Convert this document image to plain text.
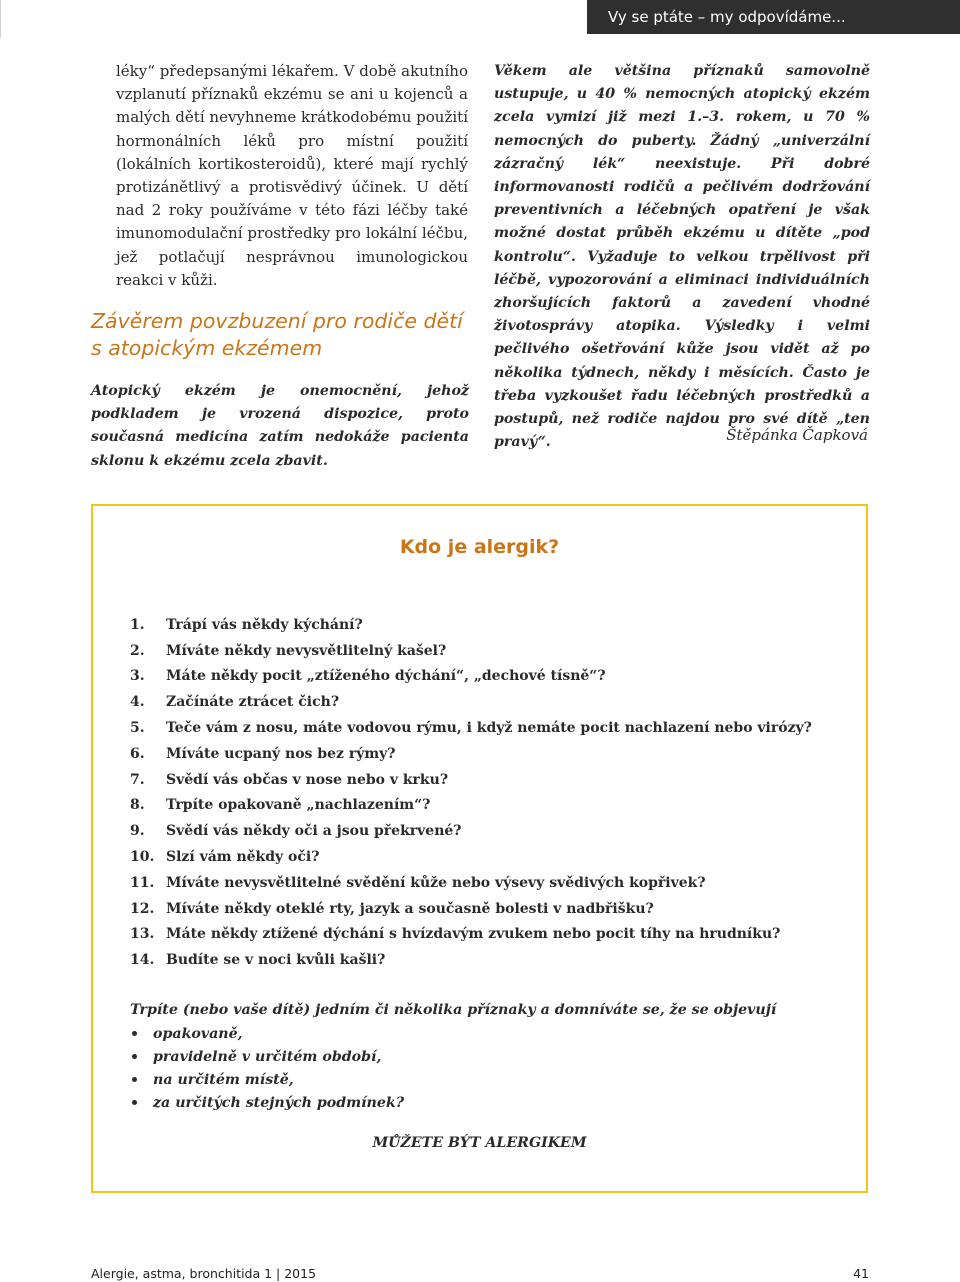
Vy se ptáte – my odpovídáme...

léky“ předepsanými lékařem. V době akutního vzplanutí příznaků ekzému se ani u kojenců a malých dětí nevyhneme krátkodobému použití hormonálních léků pro místní použití (lokálních kortikosteroidů), které mají rychlý protizánětlivý a protisvědivý účinek. U dětí nad 2 roky používáme v této fázi léčby také imunomodulační prostředky pro lokální léčbu, jež potlačují nesprávnou imunologickou reakci v kůži.

Závěrem povzbuzení pro rodiče dětí
s atopickým ekzémem

Atopický ekzém je onemocnění, jehož podkladem je vrozená dispozice, proto současná medicína zatím nedokáže pacienta sklonu k ekzému zcela zbavit.

Věkem ale většina příznaků samovolně ustupuje, u 40 % nemocných atopický ekzém zcela vymizí již mezi 1.–3. rokem, u 70 % nemocných do puberty. Žádný „univerzální zázračný lék“ neexistuje. Při dobré informovanosti rodičů a pečlivém dodržování preventivních a léčebných opatření je však možné dostat průběh ekzému u dítěte „pod kontrolu“. Vyžaduje to velkou trpělivost při léčbě, vypozorování a eliminaci individuálních zhoršujících faktorů a zavedení vhodné životosprávy atopika. Výsledky i velmi pečlivého ošetřování kůže jsou vidět až po několika týdnech, někdy i měsících. Často je třeba vyzkoušet řadu léčebných prostředků a postupů, než rodiče najdou pro své dítě „ten pravý“.	Štěpánka Čapková
Kdo je alergik?
1.	Trápí vás někdy kýchání?
2.	Míváte někdy nevysvětlitelný kašel?
3.	Máte někdy pocit „ztíženého dýchání“, „dechové tísně“?
4.	Začínáte ztrácet čich?
5.	Teče vám z nosu, máte vodovou rýmu, i když nemáte pocit nachlazení nebo virózy?
6.	Míváte ucpaný nos bez rýmy?
7.	Svědí vás občas v nose nebo v krku?
8.	Trpíte opakovaně „nachlazením“?
9.	Svědí vás někdy oči a jsou překrvené?
10. Slzí vám někdy oči?
11. Míváte nevysvětlitelné svědění kůže nebo výsevy svědivých kopřivek?
12. Míváte někdy oteklé rty, jazyk a současně bolesti v nadbřišku?
13. Máte někdy ztížené dýchání s hvízdavým zvukem nebo pocit tíhy na hrudníku?
14. Budíte se v noci kvůli kašli?
Trpíte (nebo vaše dítě) jedním či několika příznaky a domníváte se, že se objevují
opakovaně,
pravidelně v určitém období,
na určitém místě,
za určitých stejných podmínek?
MŮŽETE BÝT ALERGIKEM
Alergie, astma, bronchitida 1 | 2015	41
